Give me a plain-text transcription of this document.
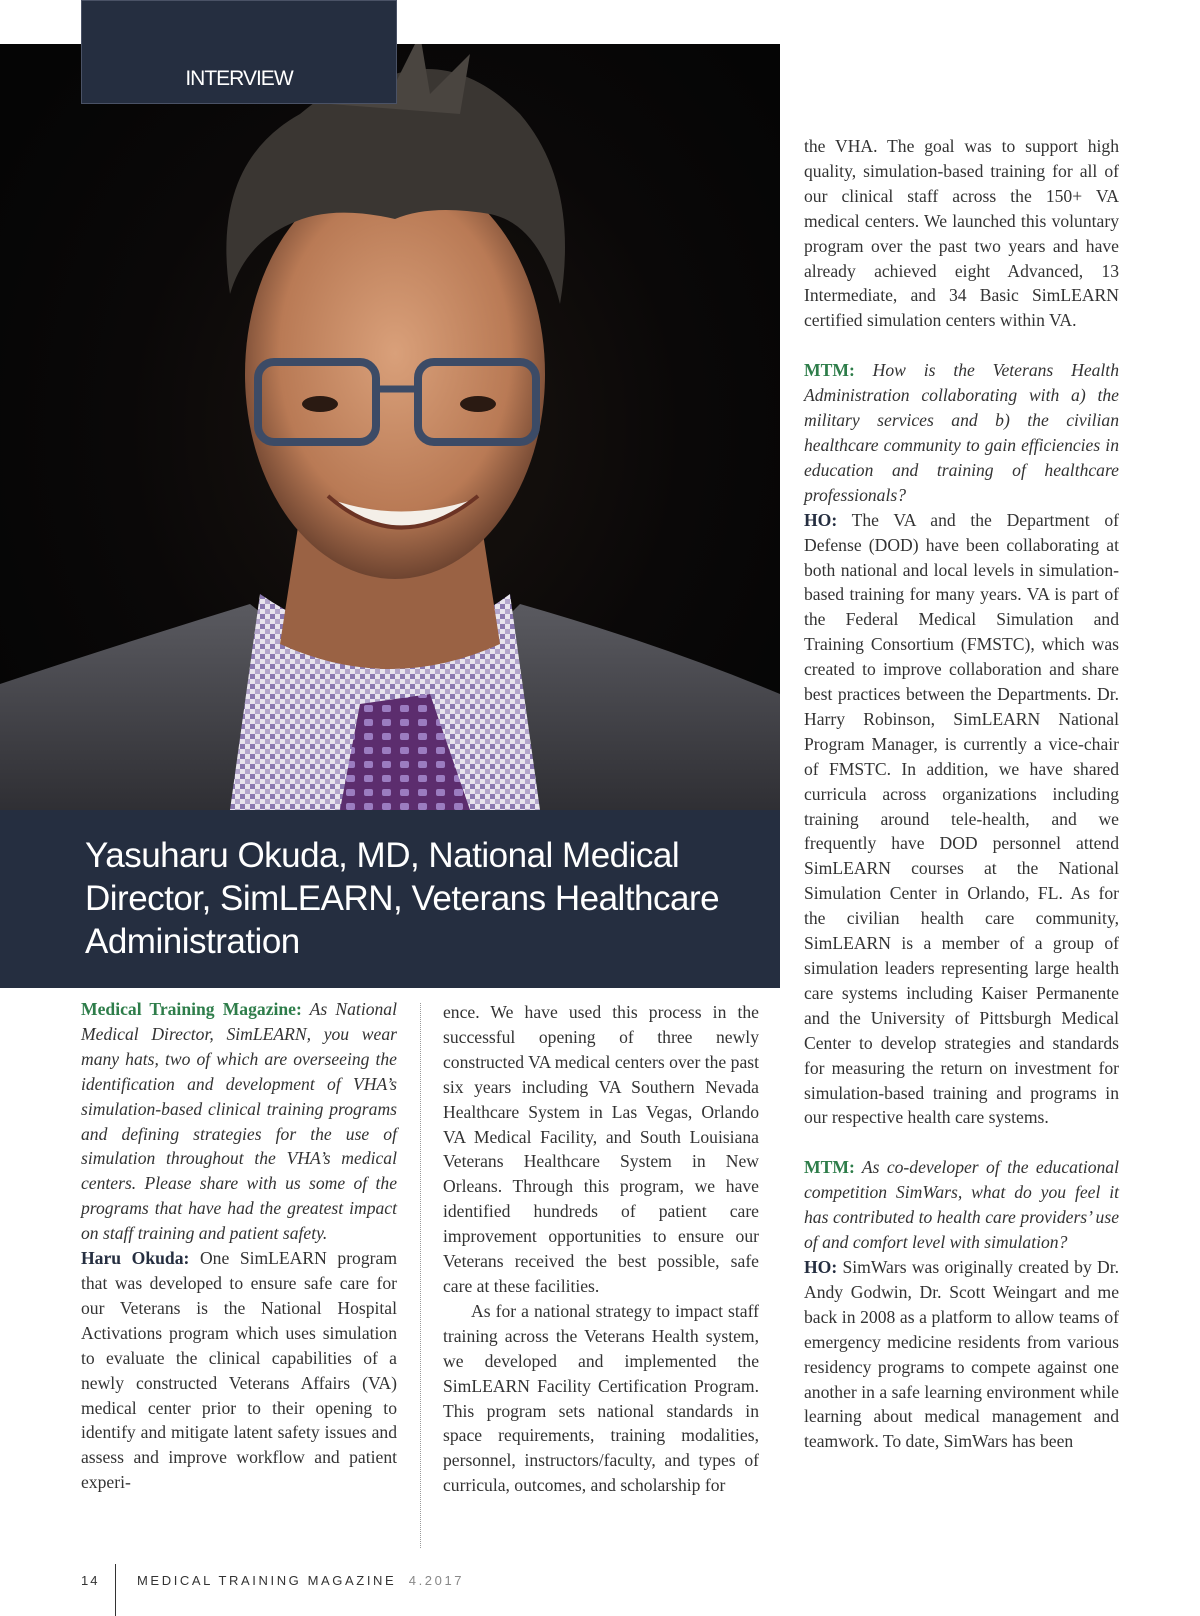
INTERVIEW
Yasuharu Okuda, MD, National Medical Director, SimLEARN, Veterans Healthcare Administration

Medical Training Magazine: As National Medical Director, SimLEARN, you wear many hats, two of which are overseeing the identification and development of VHA’s simulation-based clinical training programs and defining strategies for the use of simulation throughout the VHA’s medical centers. Please share with us some of the programs that have had the greatest impact on staff training and patient safety.

Haru Okuda: One SimLEARN program that was developed to ensure safe care for our Veterans is the National Hospital Activations program which uses simulation to evaluate the clinical capabilities of a newly constructed Veterans Affairs (VA) medical center prior to their opening to identify and mitigate latent safety issues and assess and improve workflow and patient experi-

ence. We have used this process in the successful opening of three newly constructed VA medical centers over the past six years including VA Southern Nevada Healthcare System in Las Vegas, Orlando VA Medical Facility, and South Louisiana Veterans Healthcare System in New Orleans. Through this program, we have identified hundreds of patient care improvement opportunities to ensure our Veterans received the best possible, safe care at these facilities.

As for a national strategy to impact staff training across the Veterans Health system, we developed and implemented the SimLEARN Facility Certification Program. This program sets national standards in space requirements, training modalities, personnel, instructors/faculty, and types of curricula, outcomes, and scholarship for

the VHA. The goal was to support high quality, simulation-based training for all of our clinical staff across the 150+ VA medical centers. We launched this voluntary program over the past two years and have already achieved eight Advanced, 13 Intermediate, and 34 Basic SimLEARN certified simulation centers within VA.

MTM: How is the Veterans Health Administration collaborating with a) the military services and b) the civilian healthcare community to gain efficiencies in education and training of healthcare professionals?

HO: The VA and the Department of Defense (DOD) have been collaborating at both national and local levels in simulation-based training for many years. VA is part of the Federal Medical Simulation and Training Consortium (FMSTC), which was created to improve collaboration and share best practices between the Departments. Dr. Harry Robinson, SimLEARN National Program Manager, is currently a vice-chair of FMSTC. In addition, we have shared curricula across organizations including training around tele-health, and we frequently have DOD personnel attend SimLEARN courses at the National Simulation Center in Orlando, FL. As for the civilian health care community, SimLEARN is a member of a group of simulation leaders representing large health care systems including Kaiser Permanente and the University of Pittsburgh Medical Center to develop strategies and standards for measuring the return on investment for simulation-based training and programs in our respective health care systems.

MTM: As co-developer of the educational competition SimWars, what do you feel it has contributed to health care providers’ use of and comfort level with simulation?

HO: SimWars was originally created by Dr. Andy Godwin, Dr. Scott Weingart and me back in 2008 as a platform to allow teams of emergency medicine residents from various residency programs to compete against one another in a safe learning environment while learning about medical management and teamwork. To date, SimWars has been

14	MEDICAL TRAINING MAGAZINE 4.2017
